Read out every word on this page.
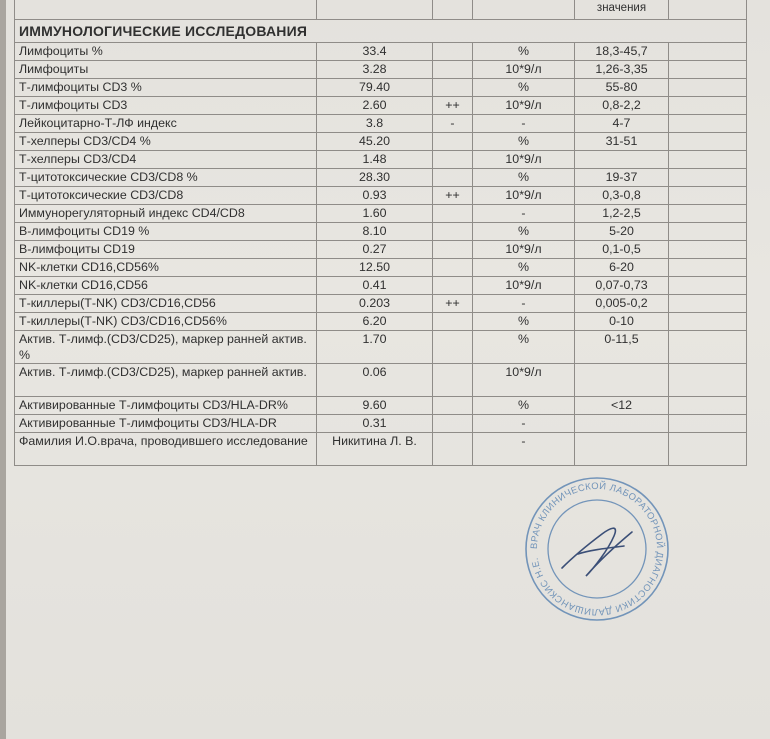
				значения	
ИММУНОЛОГИЧЕСКИЕ ИССЛЕДОВАНИЯ					
Лимфоциты %	33.4		%	18,3-45,7	
Лимфоциты	3.28		10*9/л	1,26-3,35	
Т-лимфоциты CD3 %	79.40		%	55-80	
Т-лимфоциты CD3	2.60	++	10*9/л	0,8-2,2	
Лейкоцитарно-Т-ЛФ индекс	3.8	-	-	4-7	
Т-хелперы CD3/CD4 %	45.20		%	31-51	
Т-хелперы CD3/CD4	1.48		10*9/л		
Т-цитотоксические CD3/CD8 %	28.30		%	19-37	
Т-цитотоксические CD3/CD8	0.93	++	10*9/л	0,3-0,8	
Иммунорегуляторный индекс CD4/CD8	1.60		-	1,2-2,5	
В-лимфоциты CD19 %	8.10		%	5-20	
В-лимфоциты CD19	0.27		10*9/л	0,1-0,5	
NK-клетки CD16,CD56%	12.50		%	6-20	
NK-клетки CD16,CD56	0.41		10*9/л	0,07-0,73	
Т-киллеры(Т-NK) CD3/CD16,CD56	0.203	++	-	0,005-0,2	
Т-киллеры(Т-NK) CD3/CD16,CD56%	6.20		%	0-10	
Актив. Т-лимф.(CD3/CD25), маркер ранней актив. %	1.70		%	0-11,5	
Актив. Т-лимф.(CD3/CD25), маркер ранней актив.	0.06		10*9/л		
Активированные Т-лимфоциты CD3/HLA-DR%	9.60		%	<12	
Активированные Т-лимфоциты CD3/HLA-DR	0.31		-		
Фамилия И.О.врача, проводившего исследование	Никитина Л. В.		-		
ВРАЧ КЛИНИЧЕСКОЙ ЛАБОРАТОРНОЙ ДИАГНОСТИКИ ДАЛИШАНСКИС Н.Е.
